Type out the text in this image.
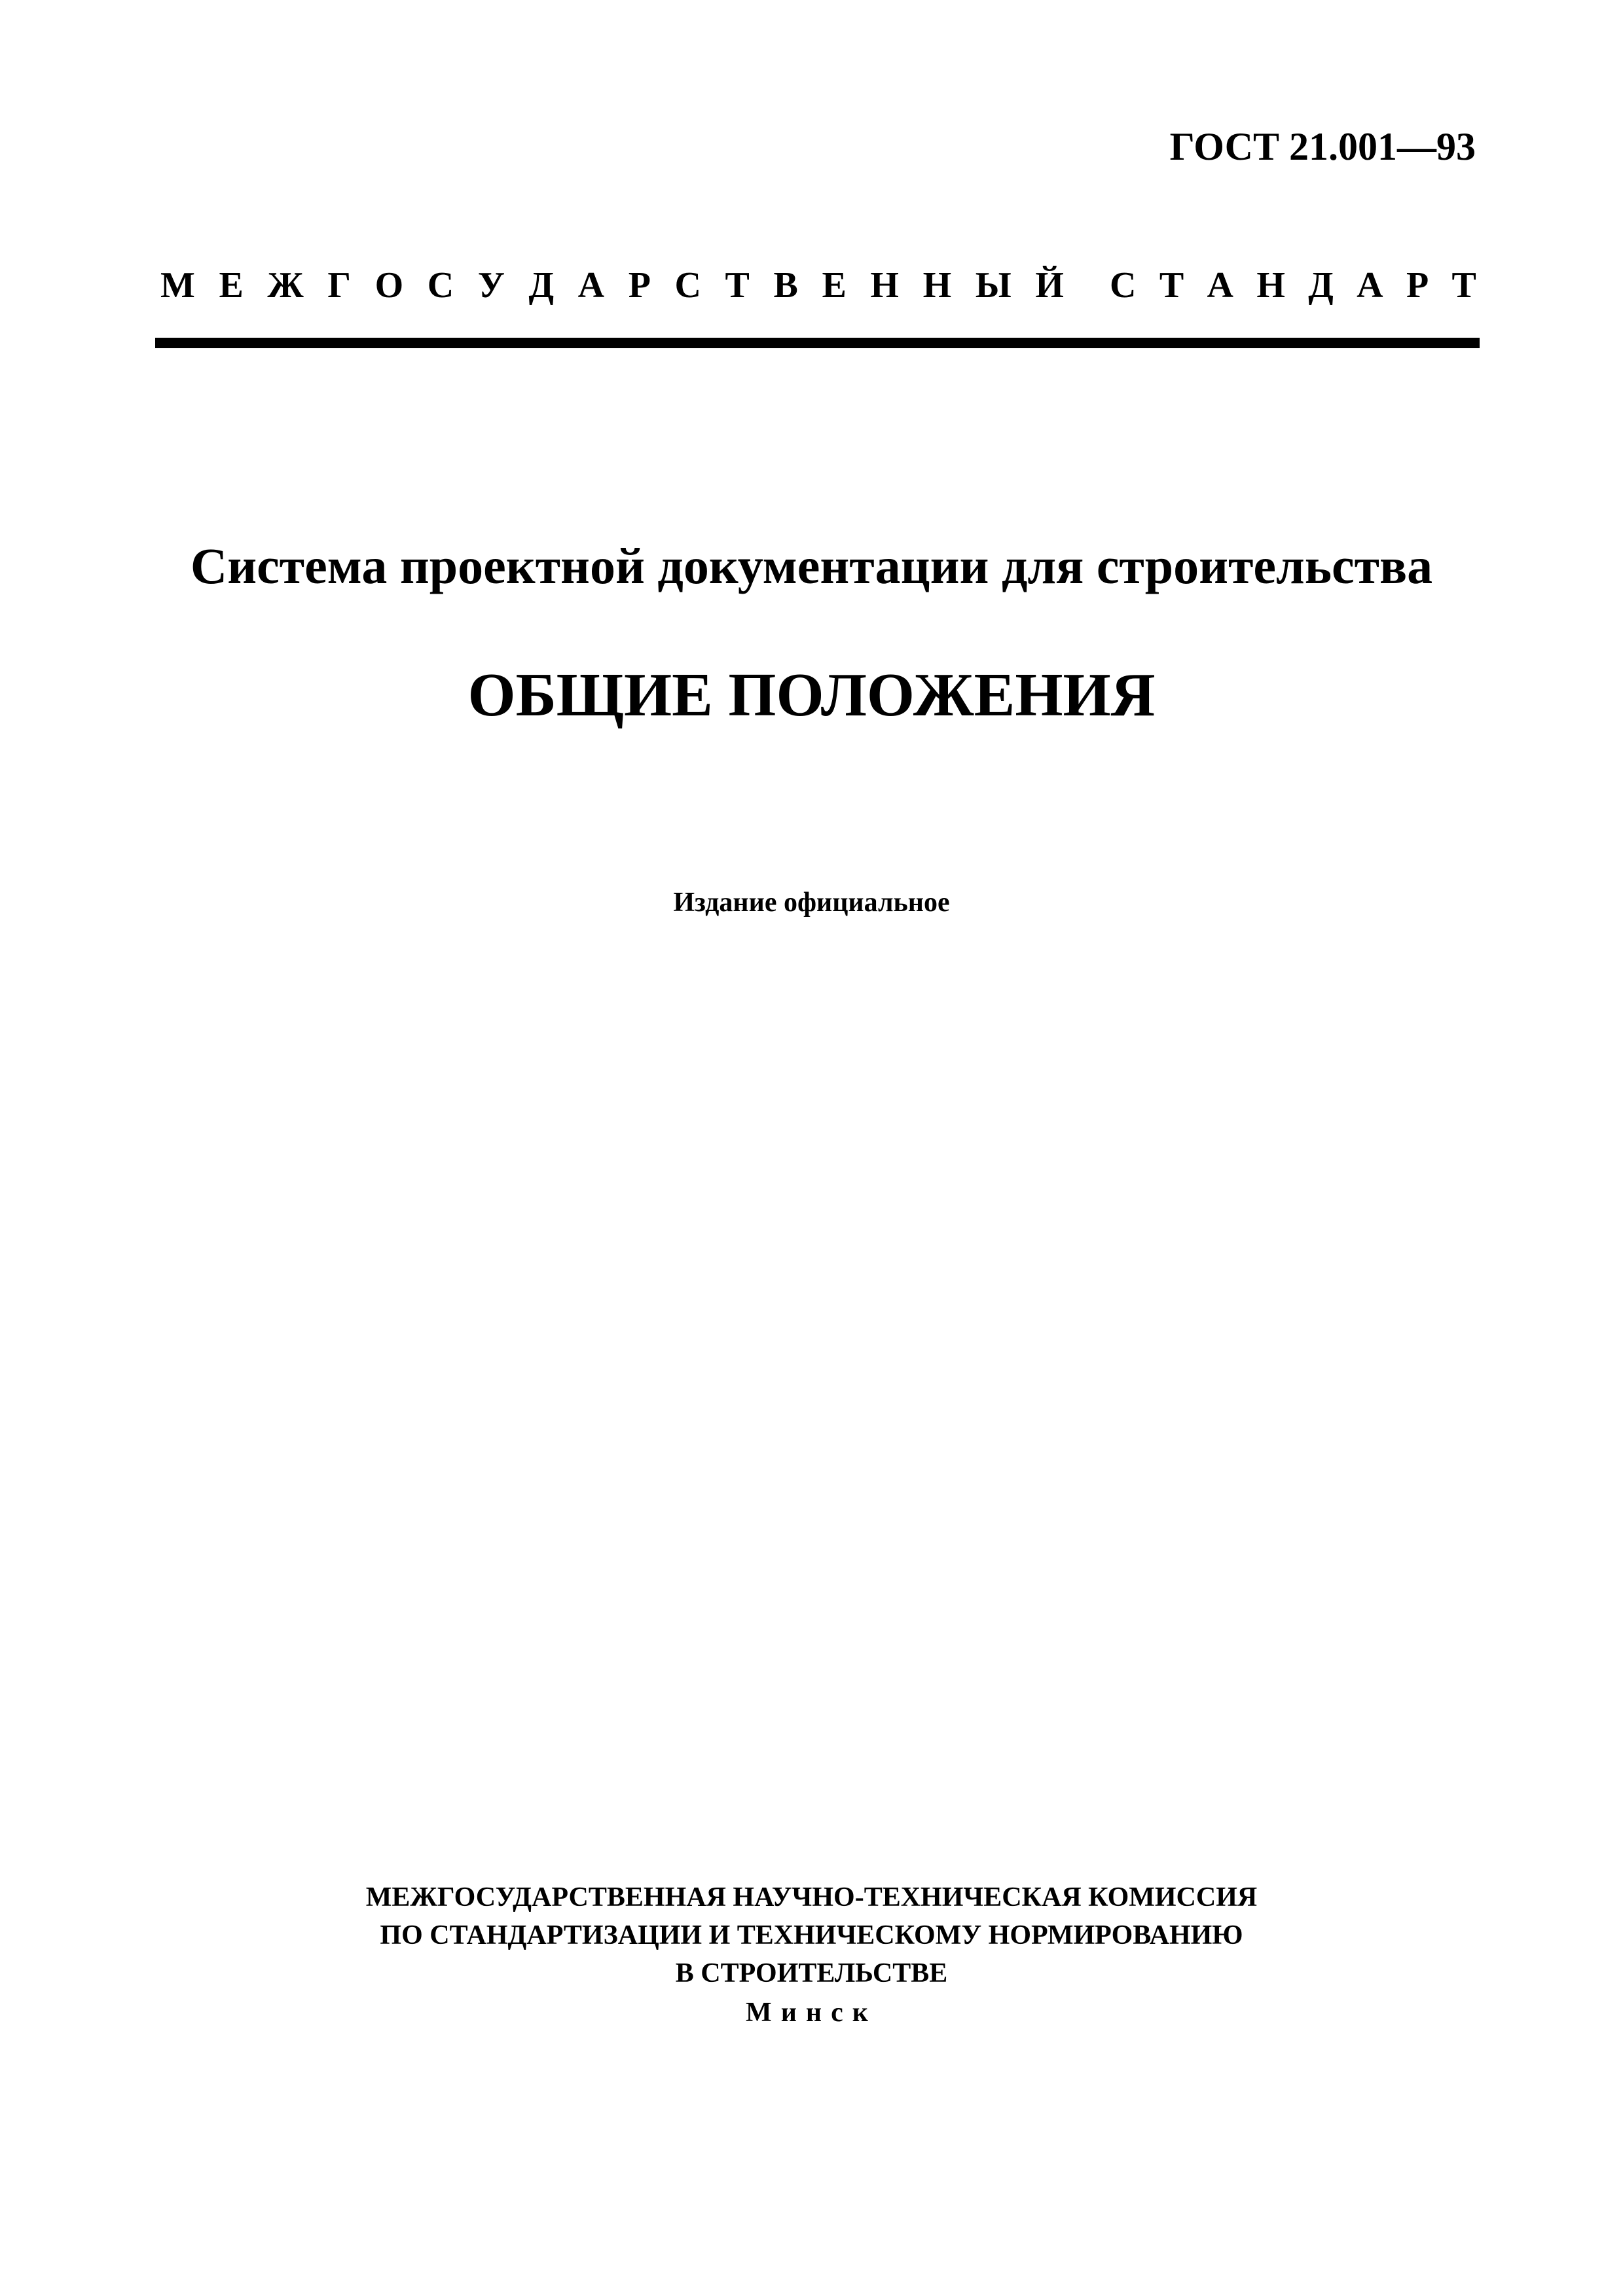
ГОСТ 21.001—93
М Е Ж Г О С У Д А Р С Т В Е Н Н Ы Й С Т А Н Д А Р Т
Система проектной документации для строительства
ОБЩИЕ ПОЛОЖЕНИЯ
Издание официальное
МЕЖГОСУДАРСТВЕННАЯ НАУЧНО-ТЕХНИЧЕСКАЯ КОМИССИЯ
ПО СТАНДАРТИЗАЦИИ И ТЕХНИЧЕСКОМУ НОРМИРОВАНИЮ
В СТРОИТЕЛЬСТВЕ
Минск
